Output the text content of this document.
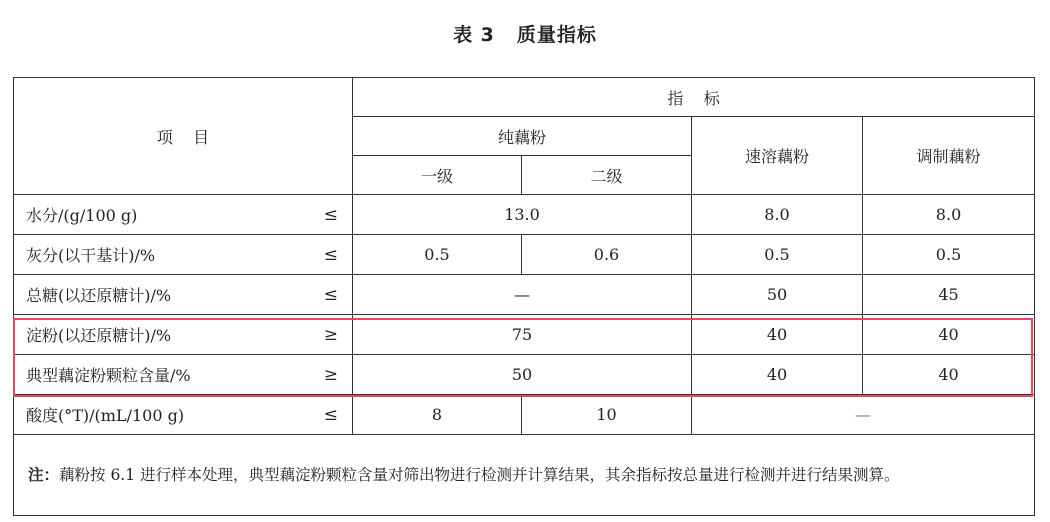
表 3 质量指标
项    目	指    标			
	纯藕粉		速溶藕粉	调制藕粉
	一级	二级		
水分/(g/100 g) ≤	13.0		8.0	8.0
灰分(以干基计)/% ≤	0.5	0.6	0.5	0.5
总糖(以还原糖计)/% ≤	—		50	45
淀粉(以还原糖计)/% ≥	75		40	40
典型藕淀粉颗粒含量/% ≥	50		40	40
酸度(°T)/(mL/100 g) ≤	8	10	—	
注：藕粉按 6.1 进行样本处理，典型藕淀粉颗粒含量对筛出物进行检测并计算结果，其余指标按总量进行检测并进行结果测算。				
